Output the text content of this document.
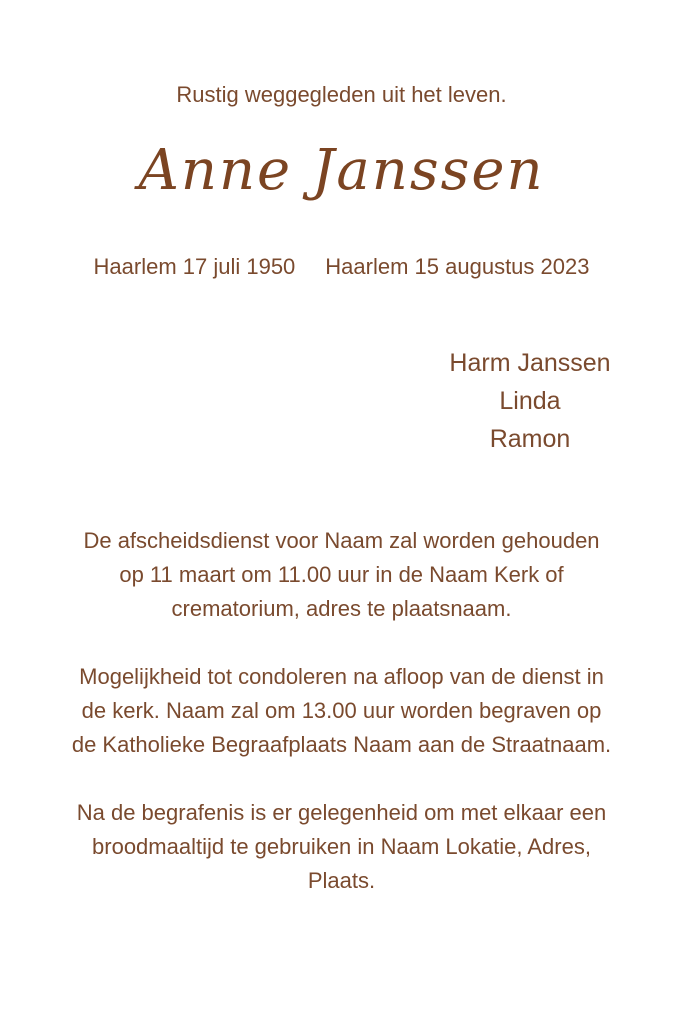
Rustig weggegleden uit het leven.
Anne Janssen
Haarlem 17 juli 1950 Haarlem 15 augustus 2023
Harm Janssen
Linda
Ramon

De afscheidsdienst voor Naam zal worden gehouden op 11 maart om 11.00 uur in de Naam Kerk of crematorium, adres te plaatsnaam.

Mogelijkheid tot condoleren na afloop van de dienst in de kerk. Naam zal om 13.00 uur worden begraven op de Katholieke Begraafplaats Naam aan de Straatnaam.

Na de begrafenis is er gelegenheid om met elkaar een broodmaaltijd te gebruiken in Naam Lokatie, Adres, Plaats.
